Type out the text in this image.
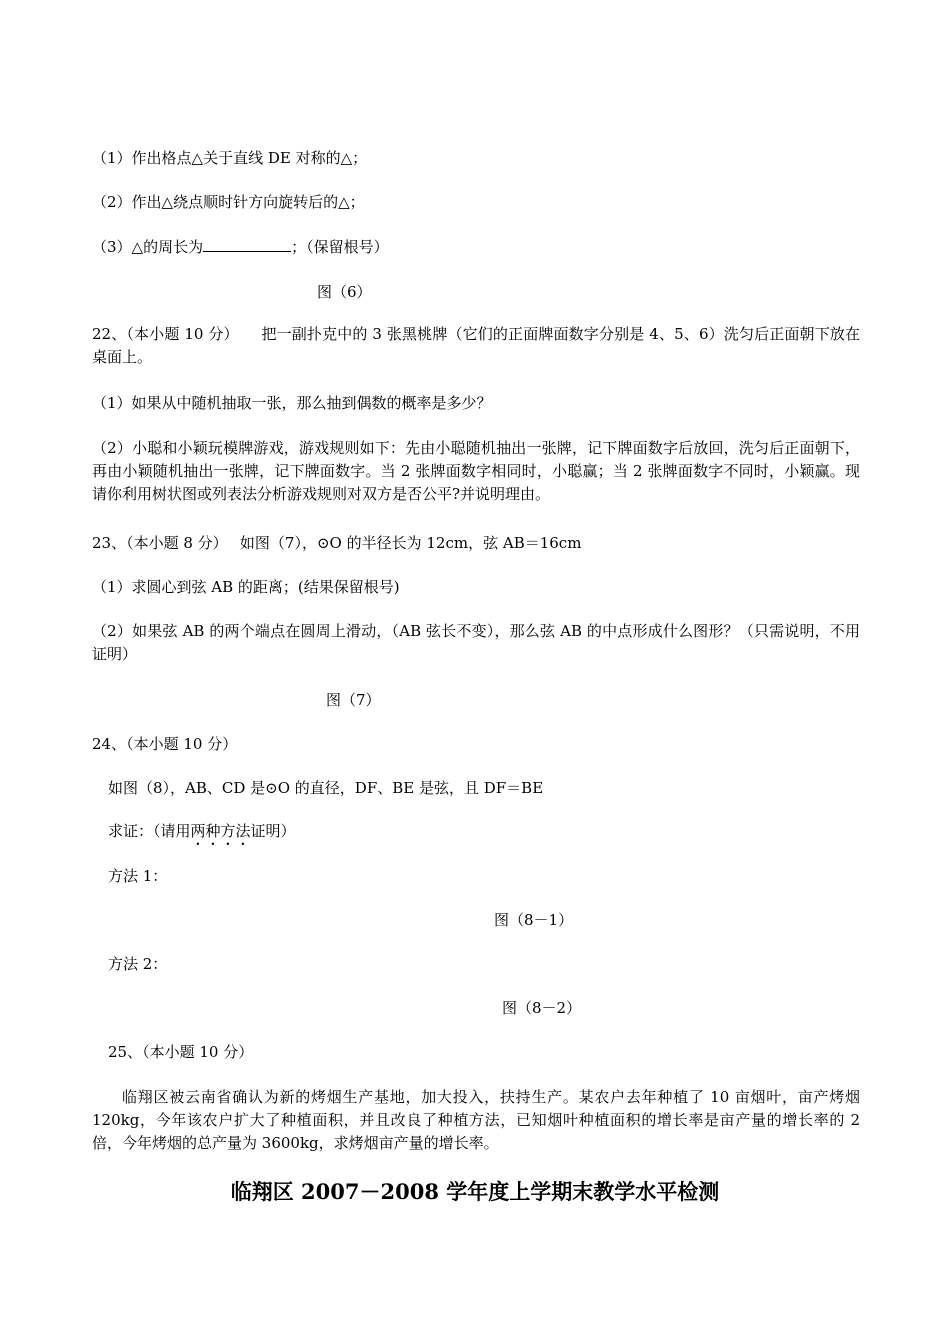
（1）作出格点△关于直线 DE 对称的△；
（2）作出△绕点顺时针方向旋转后的△；
（3）△的周长为	；（保留根号）
图（6）
22、（本小题 10 分）　　把一副扑克中的 3 张黑桃牌（它们的正面牌面数字分别是 4、5、6）洗匀后正面朝下放在桌面上。
（1）如果从中随机抽取一张，那么抽到偶数的概率是多少？
（2）小聪和小颖玩模牌游戏，游戏规则如下：先由小聪随机抽出一张牌，记下牌面数字后放回，洗匀后正面朝下，再由小颖随机抽出一张牌，记下牌面数字。当 2 张牌面数字相同时，小聪赢；当 2 张牌面数字不同时，小颖赢。现请你利用树状图或列表法分析游戏规则对双方是否公平?并说明理由。
23、（本小题 8 分）　 如图（7），⊙O 的半径长为 12cm，弦 AB＝16cm
（1）求圆心到弦 AB 的距离；(结果保留根号)
（2）如果弦 AB 的两个端点在圆周上滑动，（AB 弦长不变），那么弦 AB 的中点形成什么图形？（只需说明，不用证明）
图（7）
24、（本小题 10 分）
如图（8），AB、CD 是⊙O 的直径，DF、BE 是弦，且 DF＝BE
求证：（请用两种方法证明）
方法 1：
图（8－1）
方法 2：
图（8－2）
25、（本小题 10 分）
临翔区被云南省确认为新的烤烟生产基地，加大投入，扶持生产。某农户去年种植了 10 亩烟叶，亩产烤烟 120kg，今年该农户扩大了种植面积，并且改良了种植方法，已知烟叶种植面积的增长率是亩产量的增长率的 2 倍，今年烤烟的总产量为 3600kg，求烤烟亩产量的增长率。
临翔区 2007－2008 学年度上学期末教学水平检测
